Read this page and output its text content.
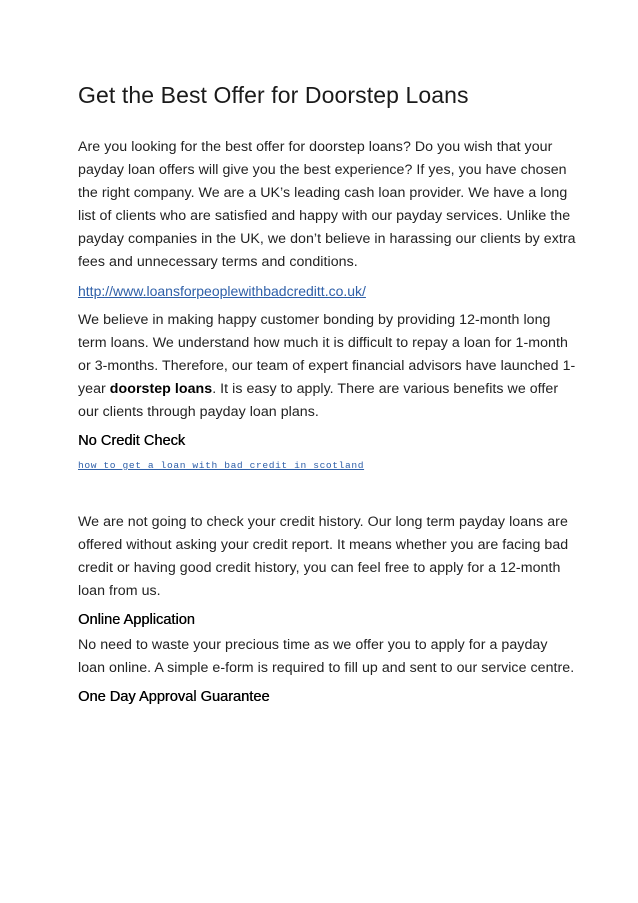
Get the Best Offer for Doorstep Loans

Are you looking for the best offer for doorstep loans? Do you wish that your payday loan offers will give you the best experience? If yes, you have chosen the right company. We are a UK’s leading cash loan provider. We have a long list of clients who are satisfied and happy with our payday services. Unlike the payday companies in the UK, we don’t believe in harassing our clients by extra fees and unnecessary terms and conditions.

http://www.loansforpeoplewithbadcreditt.co.uk/

We believe in making happy customer bonding by providing 12-month long term loans. We understand how much it is difficult to repay a loan for 1-month or 3-months. Therefore, our team of expert financial advisors have launched 1-year doorstep loans. It is easy to apply. There are various benefits we offer our clients through payday loan plans.

No Credit Check
how to get a loan with bad credit in scotland

We are not going to check your credit history. Our long term payday loans are offered without asking your credit report. It means whether you are facing bad credit or having good credit history, you can feel free to apply for a 12-month loan from us.

Online Application

No need to waste your precious time as we offer you to apply for a payday loan online. A simple e-form is required to fill up and sent to our service centre.

One Day Approval Guarantee
